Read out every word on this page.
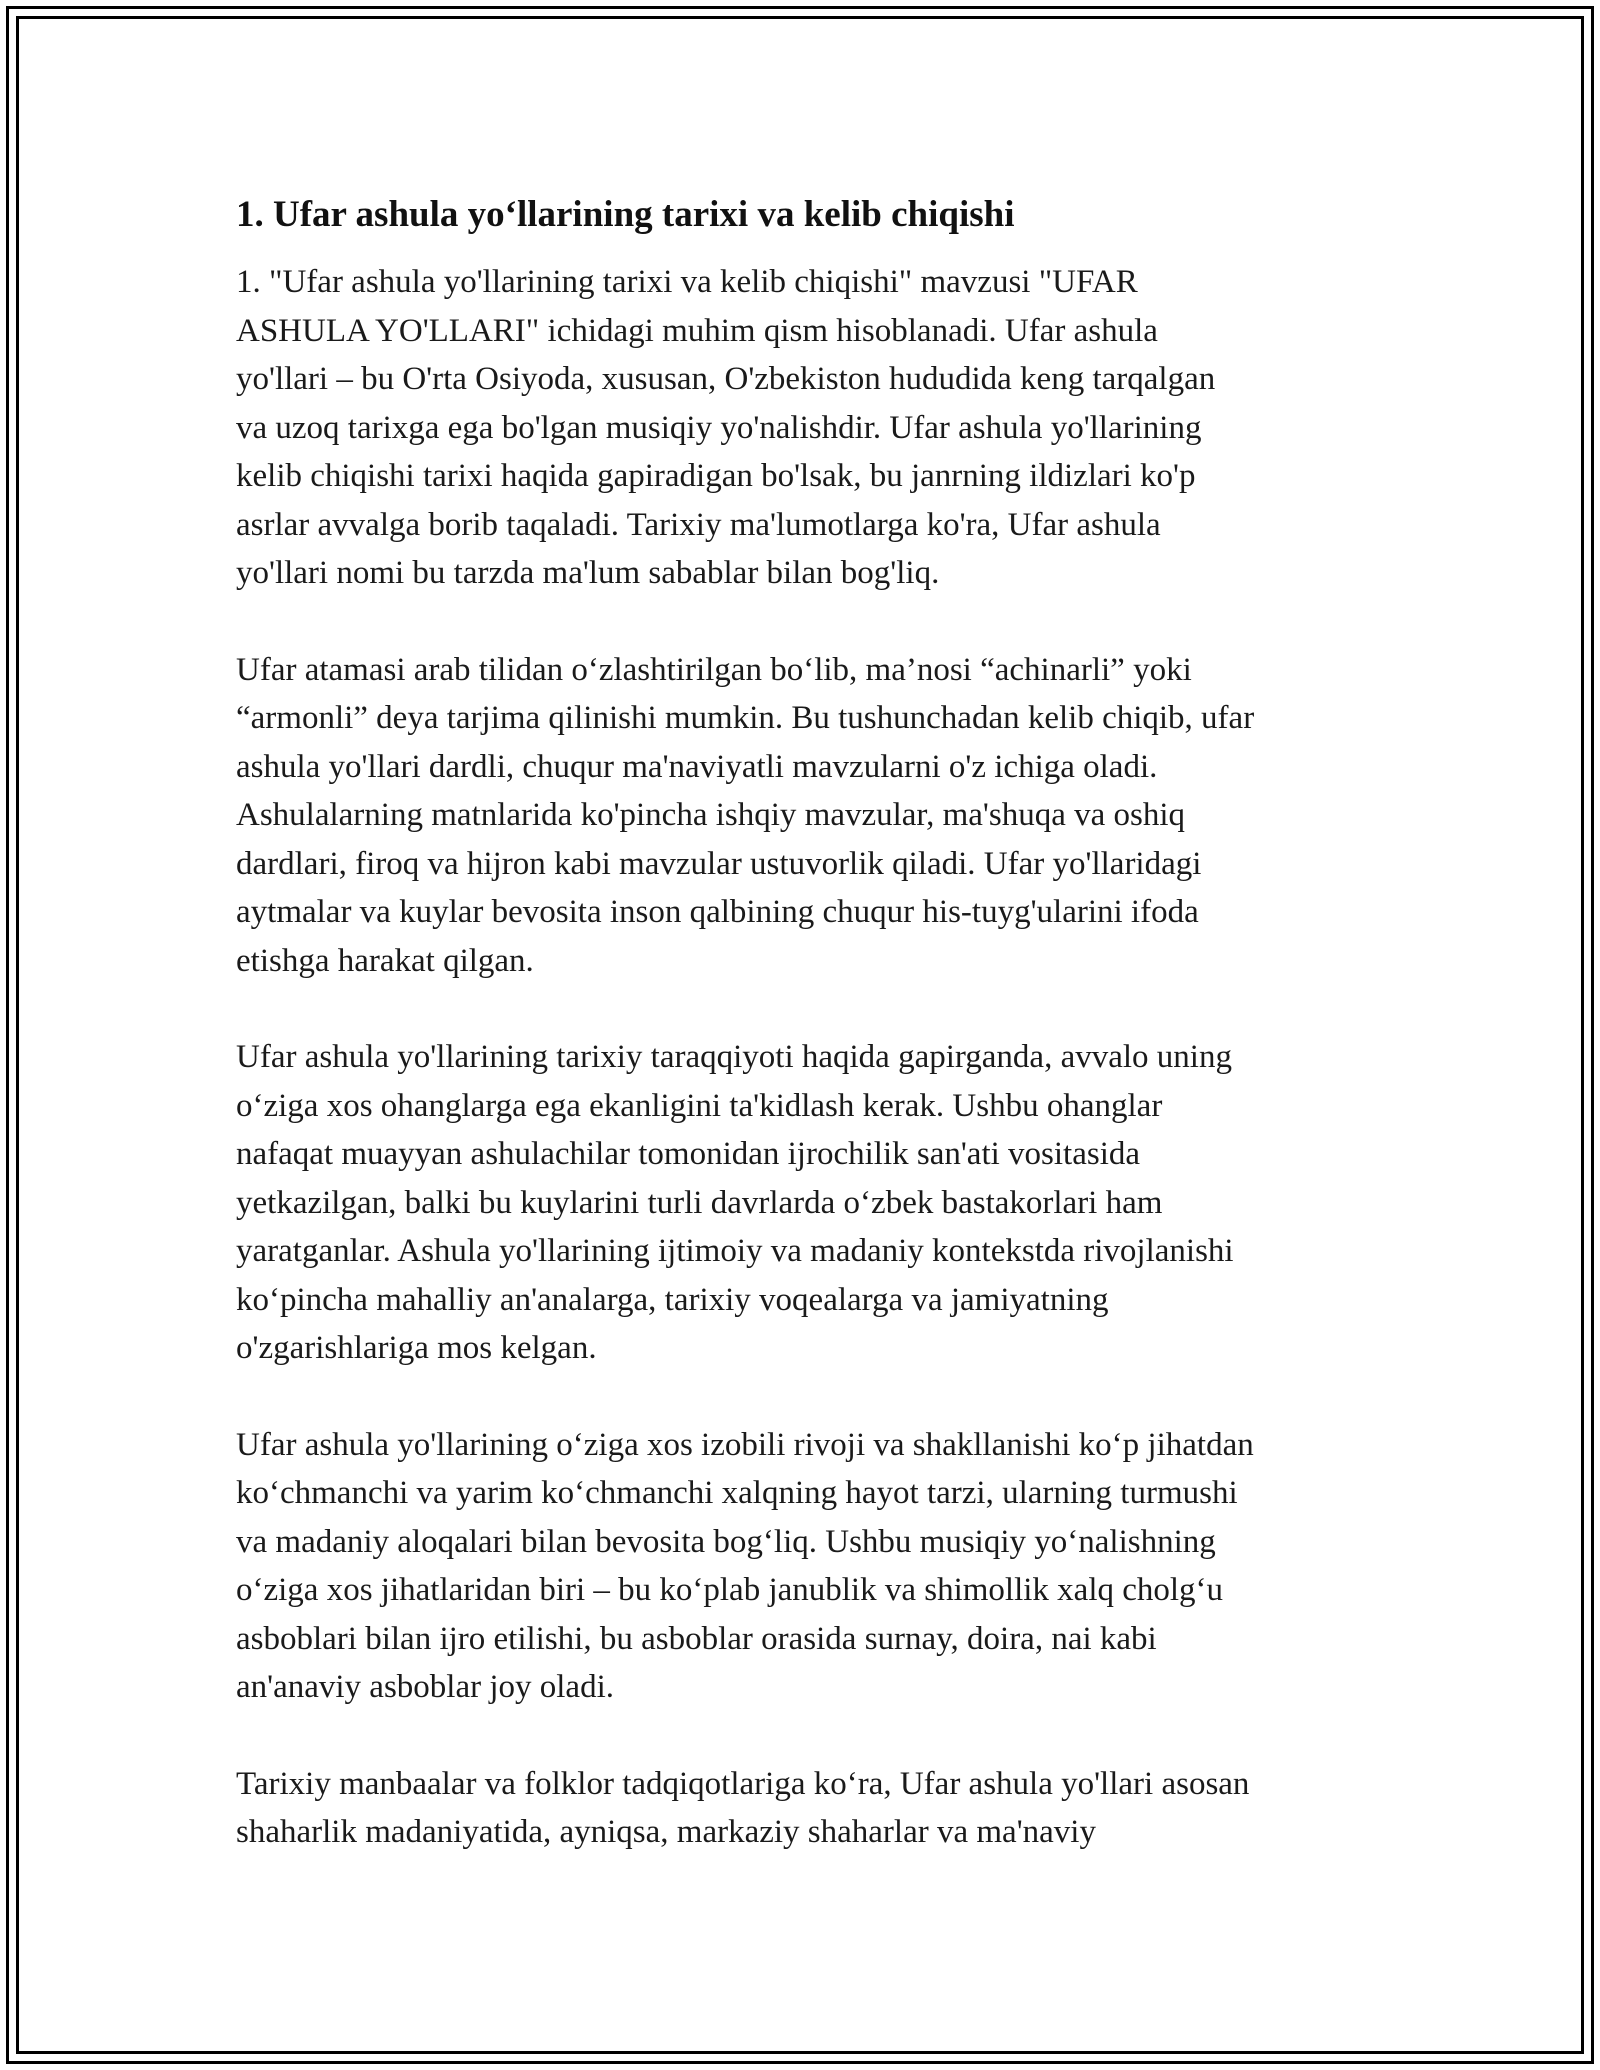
1. Ufar ashula yo‘llarining tarixi va kelib chiqishi

1. "Ufar ashula yo'llarining tarixi va kelib chiqishi" mavzusi "UFAR
ASHULA YO'LLARI" ichidagi muhim qism hisoblanadi. Ufar ashula
yo'llari – bu O'rta Osiyoda, xususan, O'zbekiston hududida keng tarqalgan
va uzoq tarixga ega bo'lgan musiqiy yo'nalishdir. Ufar ashula yo'llarining
kelib chiqishi tarixi haqida gapiradigan bo'lsak, bu janrning ildizlari ko'p
asrlar avvalga borib taqaladi. Tarixiy ma'lumotlarga ko'ra, Ufar ashula
yo'llari nomi bu tarzda ma'lum sabablar bilan bog'liq.

Ufar atamasi arab tilidan o‘zlashtirilgan bo‘lib, ma’nosi “achinarli” yoki
“armonli” deya tarjima qilinishi mumkin. Bu tushunchadan kelib chiqib, ufar
ashula yo'llari dardli, chuqur ma'naviyatli mavzularni o'z ichiga oladi.
Ashulalarning matnlarida ko'pincha ishqiy mavzular, ma'shuqa va oshiq
dardlari, firoq va hijron kabi mavzular ustuvorlik qiladi. Ufar yo'llaridagi
aytmalar va kuylar bevosita inson qalbining chuqur his-tuyg'ularini ifoda
etishga harakat qilgan.

Ufar ashula yo'llarining tarixiy taraqqiyoti haqida gapirganda, avvalo uning
o‘ziga xos ohanglarga ega ekanligini ta'kidlash kerak. Ushbu ohanglar
nafaqat muayyan ashulachilar tomonidan ijrochilik san'ati vositasida
yetkazilgan, balki bu kuylarini turli davrlarda o‘zbek bastakorlari ham
yaratganlar. Ashula yo'llarining ijtimoiy va madaniy kontekstda rivojlanishi
ko‘pincha mahalliy an'analarga, tarixiy voqealarga va jamiyatning
o'zgarishlariga mos kelgan.

Ufar ashula yo'llarining o‘ziga xos izobili rivoji va shakllanishi ko‘p jihatdan
ko‘chmanchi va yarim ko‘chmanchi xalqning hayot tarzi, ularning turmushi
va madaniy aloqalari bilan bevosita bog‘liq. Ushbu musiqiy yo‘nalishning
o‘ziga xos jihatlaridan biri – bu ko‘plab janublik va shimollik xalq cholg‘u
asboblari bilan ijro etilishi, bu asboblar orasida surnay, doira, nai kabi
an'anaviy asboblar joy oladi.

Tarixiy manbaalar va folklor tadqiqotlariga ko‘ra, Ufar ashula yo'llari asosan
shaharlik madaniyatida, ayniqsa, markaziy shaharlar va ma'naviy
